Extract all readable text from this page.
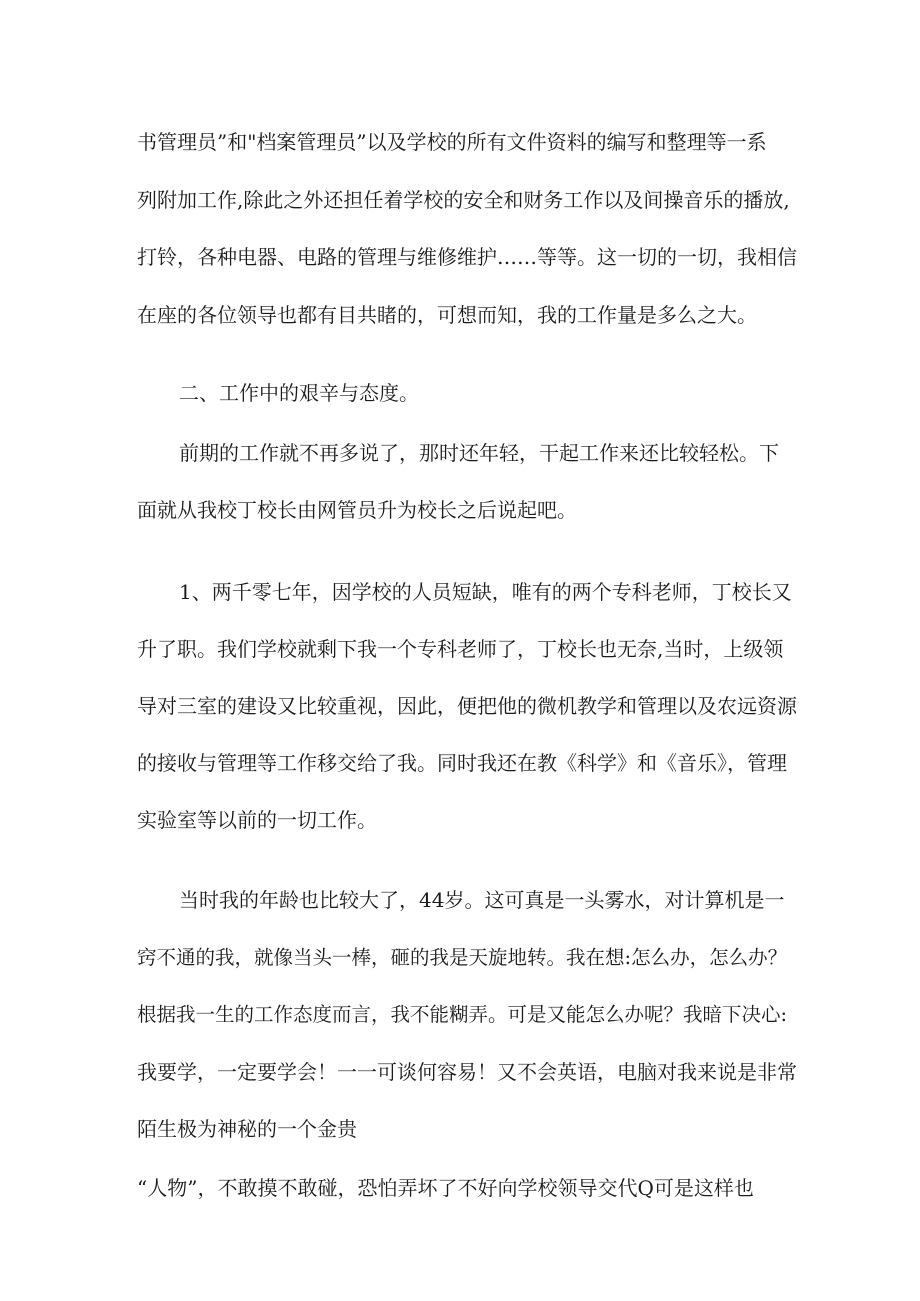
书管理员”和"档案管理员”以及学校的所有文件资料的编写和整理等一系

列附加工作,除此之外还担任着学校的安全和财务工作以及间操音乐的播放,

打铃，各种电器、电路的管理与维修维护……等等。这一切的一切，我相信

在座的各位领导也都有目共睹的，可想而知，我的工作量是多么之大。

二、工作中的艰辛与态度。

前期的工作就不再多说了，那时还年轻，干起工作来还比较轻松。下

面就从我校丁校长由网管员升为校长之后说起吧。

1、两千零七年，因学校的人员短缺，唯有的两个专科老师，丁校长又

升了职。我们学校就剩下我一个专科老师了，丁校长也无奈,当时，上级领

导对三室的建设又比较重视，因此，便把他的微机教学和管理以及农远资源

的接收与管理等工作移交给了我。同时我还在教《科学》和《音乐》，管理

实验室等以前的一切工作。

当时我的年龄也比较大了，44岁。这可真是一头雾水，对计算机是一

窍不通的我，就像当头一棒，砸的我是天旋地转。我在想:怎么办，怎么办？

根据我一生的工作态度而言，我不能糊弄。可是又能怎么办呢？我暗下决心:

我要学，一定要学会！一一可谈何容易！又不会英语，电脑对我来说是非常

陌生极为神秘的一个金贵

“人物”，不敢摸不敢碰，恐怕弄坏了不好向学校领导交代Q可是这样也
